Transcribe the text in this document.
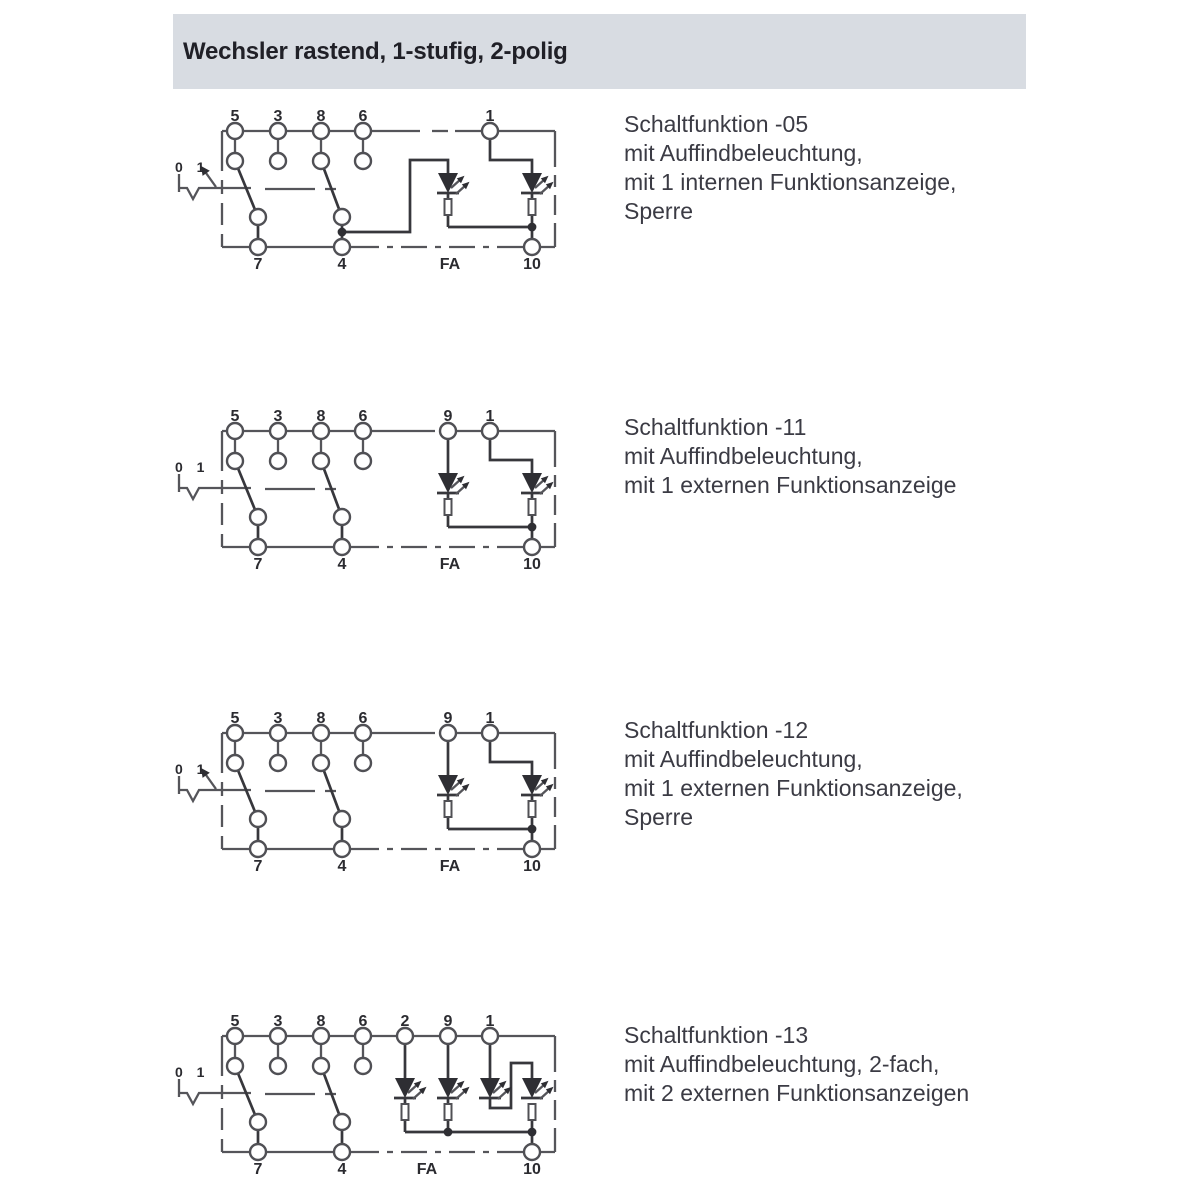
Wechsler rastend, 1-stufig, 2-polig
5 3 8 6	1
7	4	10
FA
0 1
Schaltfunktion -05
mit Auffindbeleuchtung,
mit 1 internen Funktionsanzeige,
Sperre
5 3 8 6	9 1
7	4	10
FA
0 1
Schaltfunktion -11
mit Auffindbeleuchtung,
mit 1 externen Funktionsanzeige
5 3 8 6	9 1
7	4	10
FA
0 1
Schaltfunktion -12
mit Auffindbeleuchtung,
mit 1 externen Funktionsanzeige,
Sperre
5 3 8 6 2 9 1
7	4	10
FA
0 1
Schaltfunktion -13
mit Auffindbeleuchtung, 2-fach,
mit 2 externen Funktionsanzeigen
